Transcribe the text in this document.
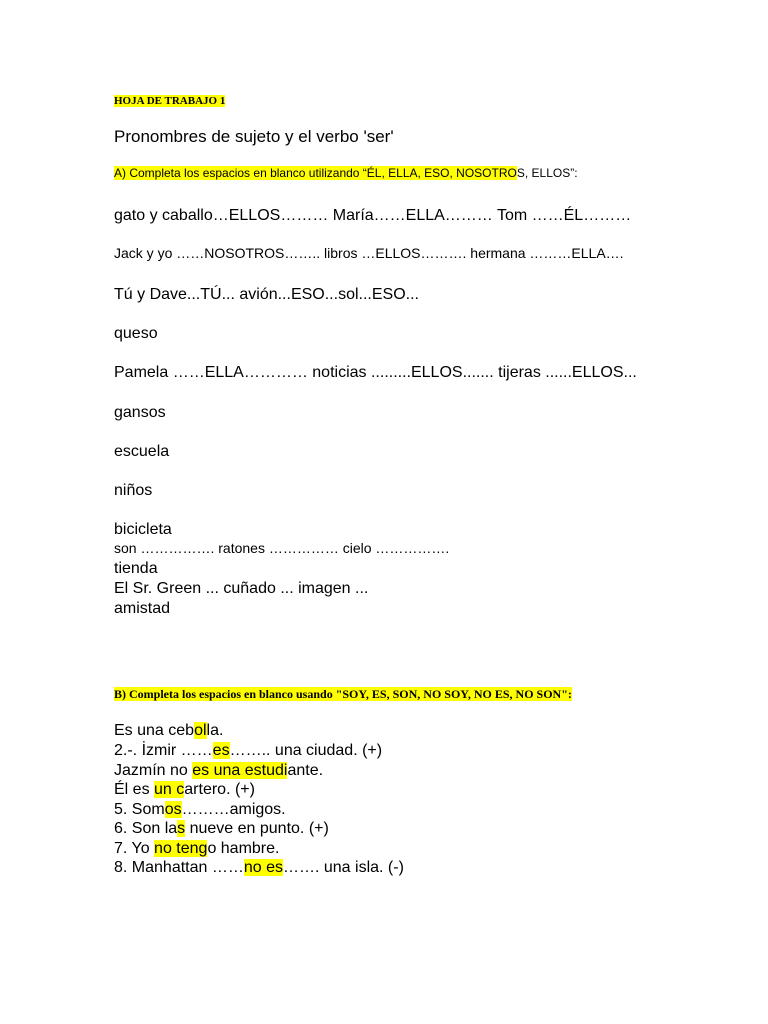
HOJA DE TRABAJO 1
Pronombres de sujeto y el verbo 'ser'
A) Completa los espacios en blanco utilizando “ÉL, ELLA, ESO, NOSOTROS, ELLOS”:
gato y caballo…ELLOS……… María……ELLA……… Tom ……ÉL………
Jack y yo ……NOSOTROS…….. libros …ELLOS………. hermana ………ELLA….
Tú y Dave...TÚ... avión...ESO...sol...ESO...
queso
Pamela ……ELLA………… noticias .........ELLOS....... tijeras ......ELLOS...
gansos
escuela
niños
bicicleta
son ……………. ratones …………… cielo …………….
tienda
El Sr. Green ... cuñado ... imagen ...
amistad
B) Completa los espacios en blanco usando "SOY, ES, SON, NO SOY, NO ES, NO SON":
Es una cebolla.
2.-. İzmir ……es…….. una ciudad. (+)
Jazmín no es una estudiante.
Él es un cartero. (+)
5. Somos………amigos.
6. Son las nueve en punto. (+)
7. Yo no tengo hambre.
8. Manhattan ……no es……. una isla. (-)
